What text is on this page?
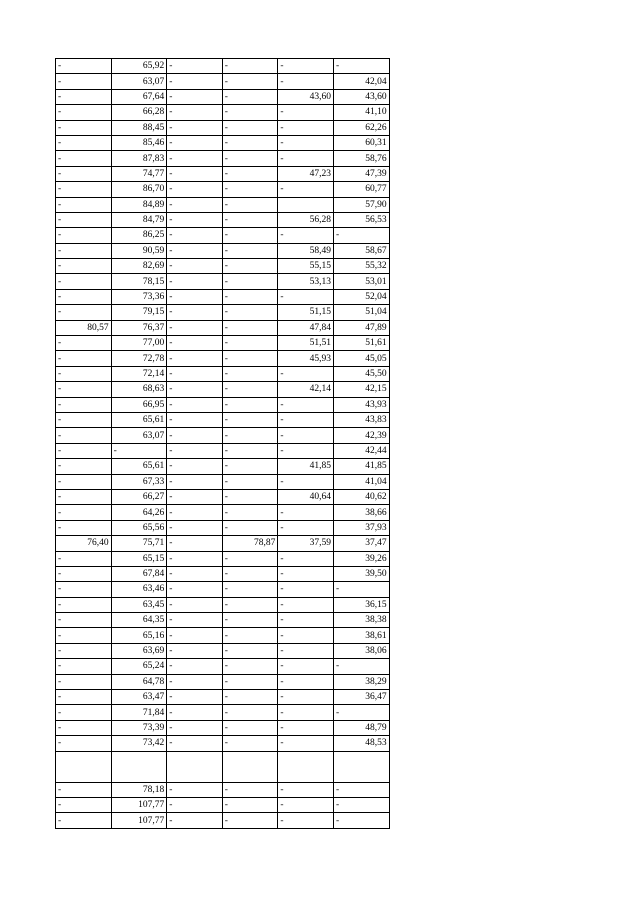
-	65,92	-	-	-	-
-	63,07	-	-	-	42,04
-	67,64	-	-	43,60	43,60
-	66,28	-	-	-	41,10
-	88,45	-	-	-	62,26
-	85,46	-	-	-	60,31
-	87,83	-	-	-	58,76
-	74,77	-	-	47,23	47,39
-	86,70	-	-	-	60,77
-	84,89	-	-		57,90
-	84,79	-	-	56,28	56,53
-	86,25	-	-	-	-
-	90,59	-	-	58,49	58,67
-	82,69	-	-	55,15	55,32
-	78,15	-	-	53,13	53,01
-	73,36	-	-	-	52,04
-	79,15	-	-	51,15	51,04
80,57	76,37	-	-	47,84	47,89
-	77,00	-	-	51,51	51,61
-	72,78	-	-	45,93	45,05
-	72,14	-	-	-	45,50
-	68,63	-	-	42,14	42,15
-	66,95	-	-	-	43,93
-	65,61	-	-	-	43,83
-	63,07	-	-	-	42,39
-	-	-	-	-	42,44
-	65,61	-	-	41,85	41,85
-	67,33	-	-	-	41,04
-	66,27	-	-	40,64	40,62
-	64,26	-	-	-	38,66
-	65,56	-	-	-	37,93
76,40	75,71	-	78,87	37,59	37,47
-	65,15	-	-	-	39,26
-	67,84	-	-	-	39,50
-	63,46	-	-	-	-
-	63,45	-	-	-	36,15
-	64,35	-	-	-	38,38
-	65,16	-	-	-	38,61
-	63,69	-	-	-	38,06
-	65,24	-	-	-	-
-	64,78	-	-	-	38,29
-	63,47	-	-	-	36,47
-	71,84	-	-	-	-
-	73,39	-	-	-	48,79
-	73,42	-	-	-	48,53

-	78,18	-	-	-	-
-	107,77	-	-	-	-
-	107,77	-	-	-	-
